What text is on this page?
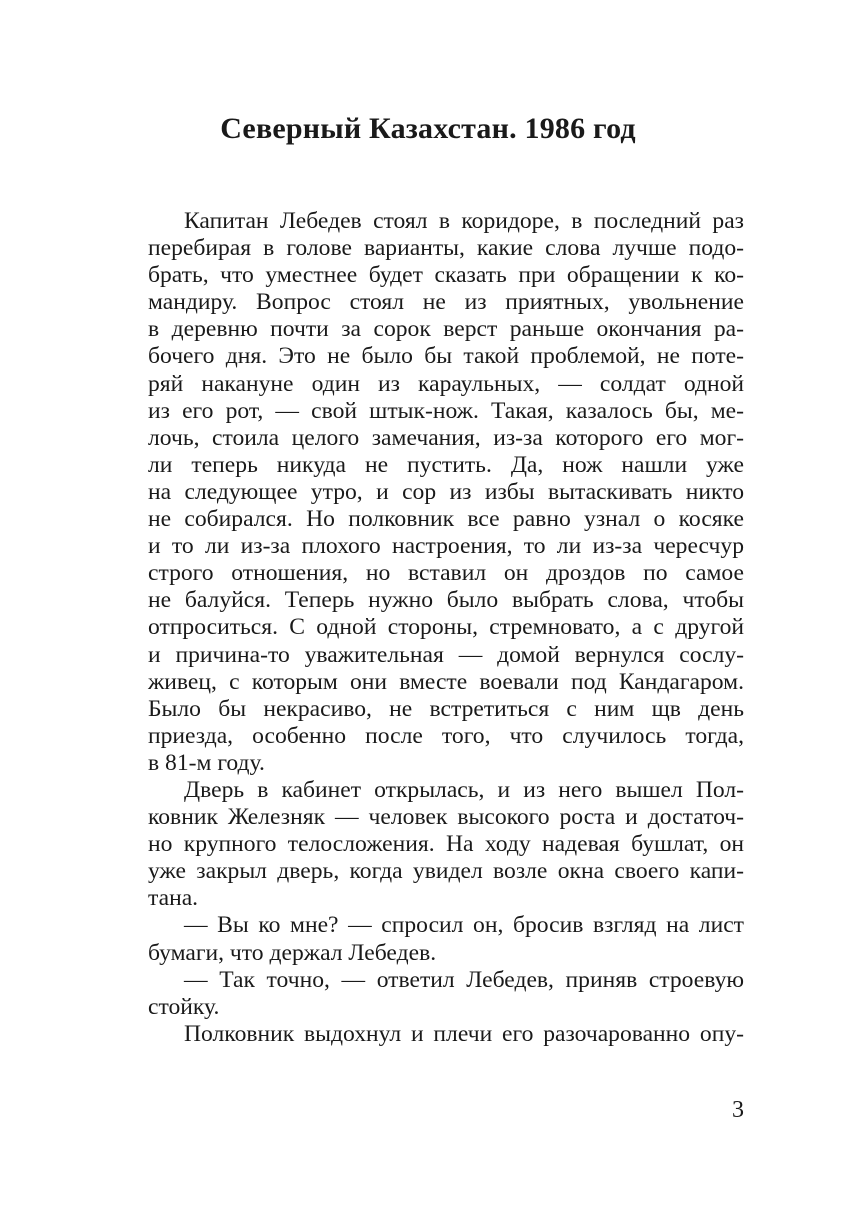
Северный Казахстан. 1986 год
Капитан Лебедев стоял в коридоре, в последний раз
перебирая в голове варианты, какие слова лучше подо-
брать, что уместнее будет сказать при обращении к ко-
мандиру. Вопрос стоял не из приятных, увольнение
в деревню почти за сорок верст раньше окончания ра-
бочего дня. Это не было бы такой проблемой, не поте-
ряй накануне один из караульных, — солдат одной
из его рот, — свой штык-нож. Такая, казалось бы, ме-
лочь, стоила целого замечания, из-за которого его мог-
ли теперь никуда не пустить. Да, нож нашли уже
на следующее утро, и сор из избы вытаскивать никто
не собирался. Но полковник все равно узнал о косяке
и то ли из-за плохого настроения, то ли из-за чересчур
строго отношения, но вставил он дроздов по самое
не балуйся. Теперь нужно было выбрать слова, чтобы
отпроситься. С одной стороны, стремновато, а с другой
и причина-то уважительная — домой вернулся сослу-
живец, с которым они вместе воевали под Кандагаром.
Было бы некрасиво, не встретиться с ним щв день
приезда, особенно после того, что случилось тогда,
в 81-м году.
Дверь в кабинет открылась, и из него вышел Пол-
ковник Железняк — человек высокого роста и достаточ-
но крупного телосложения. На ходу надевая бушлат, он
уже закрыл дверь, когда увидел возле окна своего капи-
тана.
— Вы ко мне? — спросил он, бросив взгляд на лист
бумаги, что держал Лебедев.
— Так точно, — ответил Лебедев, приняв строевую
стойку.
Полковник выдохнул и плечи его разочарованно опу-
3
